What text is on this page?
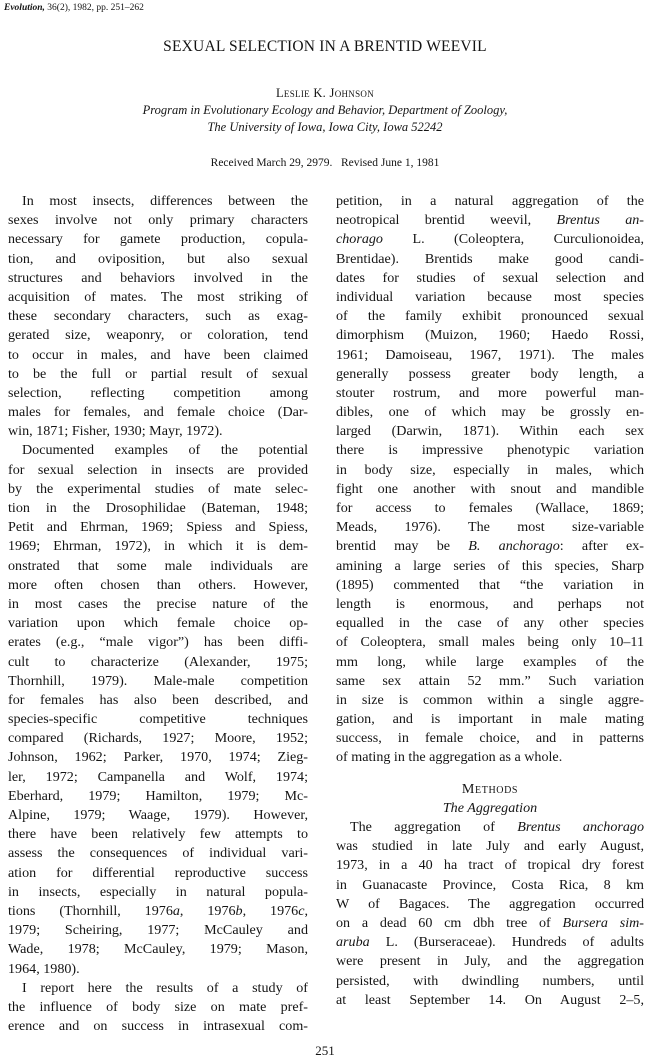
Evolution, 36(2), 1982, pp. 251–262
SEXUAL SELECTION IN A BRENTID WEEVIL
Leslie K. Johnson
Program in Evolutionary Ecology and Behavior, Department of Zoology,
The University of Iowa, Iowa City, Iowa 52242
Received March 29, 2979.   Revised June 1, 1981
In most insects, differences between the
sexes involve not only primary characters
necessary for gamete production, copula-
tion, and oviposition, but also sexual
structures and behaviors involved in the
acquisition of mates. The most striking of
these secondary characters, such as exag-
gerated size, weaponry, or coloration, tend
to occur in males, and have been claimed
to be the full or partial result of sexual
selection, reflecting competition among
males for females, and female choice (Dar-
win, 1871; Fisher, 1930; Mayr, 1972).
Documented examples of the potential
for sexual selection in insects are provided
by the experimental studies of mate selec-
tion in the Drosophilidae (Bateman, 1948;
Petit and Ehrman, 1969; Spiess and Spiess,
1969; Ehrman, 1972), in which it is dem-
onstrated that some male individuals are
more often chosen than others. However,
in most cases the precise nature of the
variation upon which female choice op-
erates (e.g., “male vigor”) has been diffi-
cult to characterize (Alexander, 1975;
Thornhill, 1979). Male-male competition
for females has also been described, and
species-specific competitive techniques
compared (Richards, 1927; Moore, 1952;
Johnson, 1962; Parker, 1970, 1974; Zieg-
ler, 1972; Campanella and Wolf, 1974;
Eberhard, 1979; Hamilton, 1979; Mc-
Alpine, 1979; Waage, 1979). However,
there have been relatively few attempts to
assess the consequences of individual vari-
ation for differential reproductive success
in insects, especially in natural popula-
tions (Thornhill, 1976a, 1976b, 1976c,
1979; Scheiring, 1977; McCauley and
Wade, 1978; McCauley, 1979; Mason,
1964, 1980).
I report here the results of a study of
the influence of body size on mate pref-
erence and on success in intrasexual com-
petition, in a natural aggregation of the
neotropical brentid weevil, Brentus an-
chorago L. (Coleoptera, Curculionoidea,
Brentidae). Brentids make good candi-
dates for studies of sexual selection and
individual variation because most species
of the family exhibit pronounced sexual
dimorphism (Muizon, 1960; Haedo Rossi,
1961; Damoiseau, 1967, 1971). The males
generally possess greater body length, a
stouter rostrum, and more powerful man-
dibles, one of which may be grossly en-
larged (Darwin, 1871). Within each sex
there is impressive phenotypic variation
in body size, especially in males, which
fight one another with snout and mandible
for access to females (Wallace, 1869;
Meads, 1976). The most size-variable
brentid may be B. anchorago: after ex-
amining a large series of this species, Sharp
(1895) commented that “the variation in
length is enormous, and perhaps not
equalled in the case of any other species
of Coleoptera, small males being only 10–11
mm long, while large examples of the
same sex attain 52 mm.” Such variation
in size is common within a single aggre-
gation, and is important in male mating
success, in female choice, and in patterns
of mating in the aggregation as a whole.
Methods
The Aggregation
The aggregation of Brentus anchorago
was studied in late July and early August,
1973, in a 40 ha tract of tropical dry forest
in Guanacaste Province, Costa Rica, 8 km
W of Bagaces. The aggregation occurred
on a dead 60 cm dbh tree of Bursera sim-
aruba L. (Burseraceae). Hundreds of adults
were present in July, and the aggregation
persisted, with dwindling numbers, until
at least September 14. On August 2–5,
251
